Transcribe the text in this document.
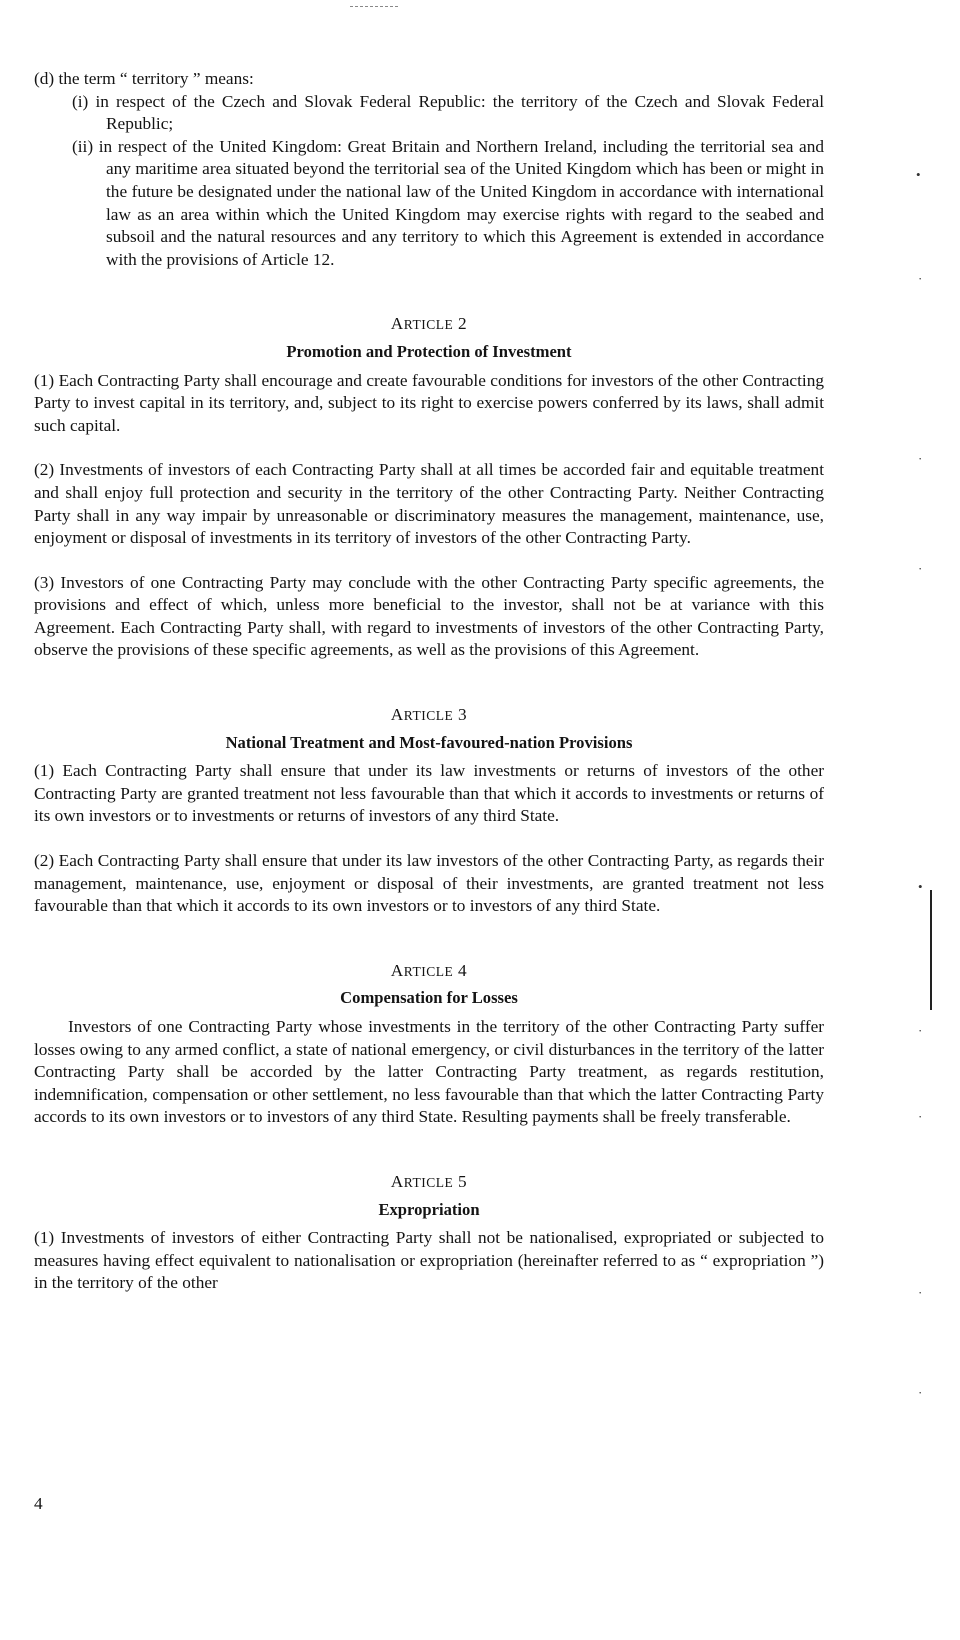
(d) the term “ territory ” means:

(i) in respect of the Czech and Slovak Federal Republic: the territory of the Czech and Slovak Federal Republic;

(ii) in respect of the United Kingdom: Great Britain and Northern Ireland, including the territorial sea and any maritime area situated beyond the territorial sea of the United Kingdom which has been or might in the future be designated under the national law of the United Kingdom in accordance with international law as an area within which the United Kingdom may exercise rights with regard to the seabed and subsoil and the natural resources and any territory to which this Agreement is extended in accordance with the provisions of Article 12.

ARTICLE 2

Promotion and Protection of Investment

(1) Each Contracting Party shall encourage and create favourable conditions for investors of the other Contracting Party to invest capital in its territory, and, subject to its right to exercise powers conferred by its laws, shall admit such capital.

(2) Investments of investors of each Contracting Party shall at all times be accorded fair and equitable treatment and shall enjoy full protection and security in the territory of the other Contracting Party. Neither Contracting Party shall in any way impair by unreasonable or discriminatory measures the management, maintenance, use, enjoyment or disposal of investments in its territory of investors of the other Contracting Party.

(3) Investors of one Contracting Party may conclude with the other Contracting Party specific agreements, the provisions and effect of which, unless more beneficial to the investor, shall not be at variance with this Agreement. Each Contracting Party shall, with regard to investments of investors of the other Contracting Party, observe the provisions of these specific agreements, as well as the provisions of this Agreement.

ARTICLE 3

National Treatment and Most-favoured-nation Provisions

(1) Each Contracting Party shall ensure that under its law investments or returns of investors of the other Contracting Party are granted treatment not less favourable than that which it accords to investments or returns of its own investors or to investments or returns of investors of any third State.

(2) Each Contracting Party shall ensure that under its law investors of the other Contracting Party, as regards their management, maintenance, use, enjoyment or disposal of their investments, are granted treatment not less favourable than that which it accords to its own investors or to investors of any third State.

ARTICLE 4

Compensation for Losses

Investors of one Contracting Party whose investments in the territory of the other Contracting Party suffer losses owing to any armed conflict, a state of national emergency, or civil disturbances in the territory of the latter Contracting Party shall be accorded by the latter Contracting Party treatment, as regards restitution, indemnification, compensation or other settlement, no less favourable than that which the latter Contracting Party accords to its own investors or to investors of any third State. Resulting payments shall be freely transferable.

ARTICLE 5

Expropriation

(1) Investments of investors of either Contracting Party shall not be nationalised, expropriated or subjected to measures having effect equivalent to nationalisation or expropriation (hereinafter referred to as “ expropriation ”) in the territory of the other

4
•
·
·
·
•
·
·
·
·
